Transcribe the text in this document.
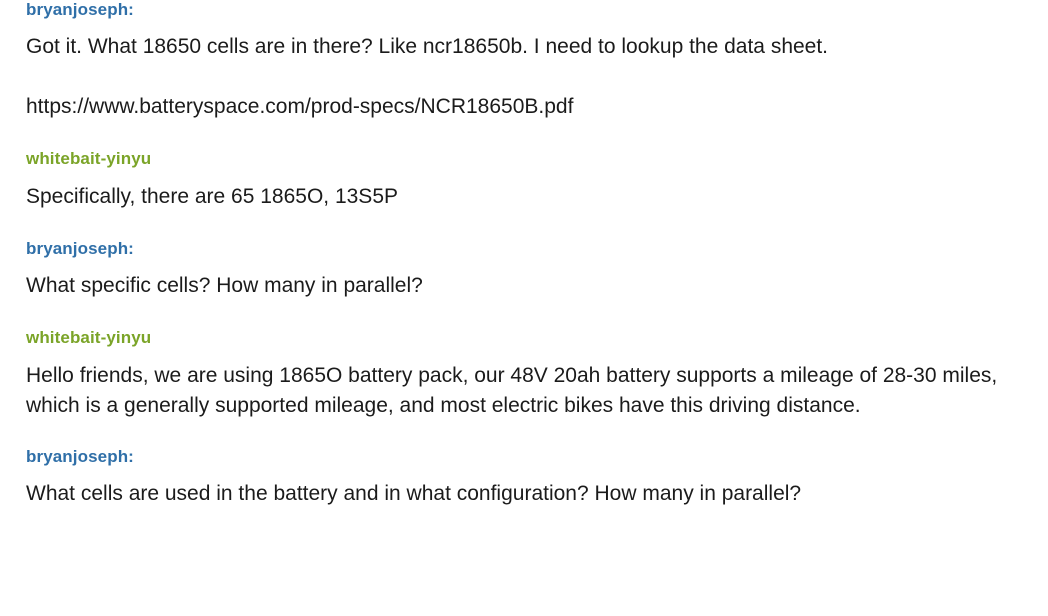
bryanjoseph:
Got it. What 18650 cells are in there? Like ncr18650b. I need to lookup the data sheet.
https://www.batteryspace.com/prod-specs/NCR18650B.pdf
whitebait-yinyu
Specifically, there are 65 1865O, 13S5P
bryanjoseph:
What specific cells? How many in parallel?
whitebait-yinyu
Hello friends, we are using 1865O battery pack, our 48V 20ah battery supports a mileage of 28-30 miles, which is a generally supported mileage, and most electric bikes have this driving distance.
bryanjoseph:
What cells are used in the battery and in what configuration? How many in parallel?
